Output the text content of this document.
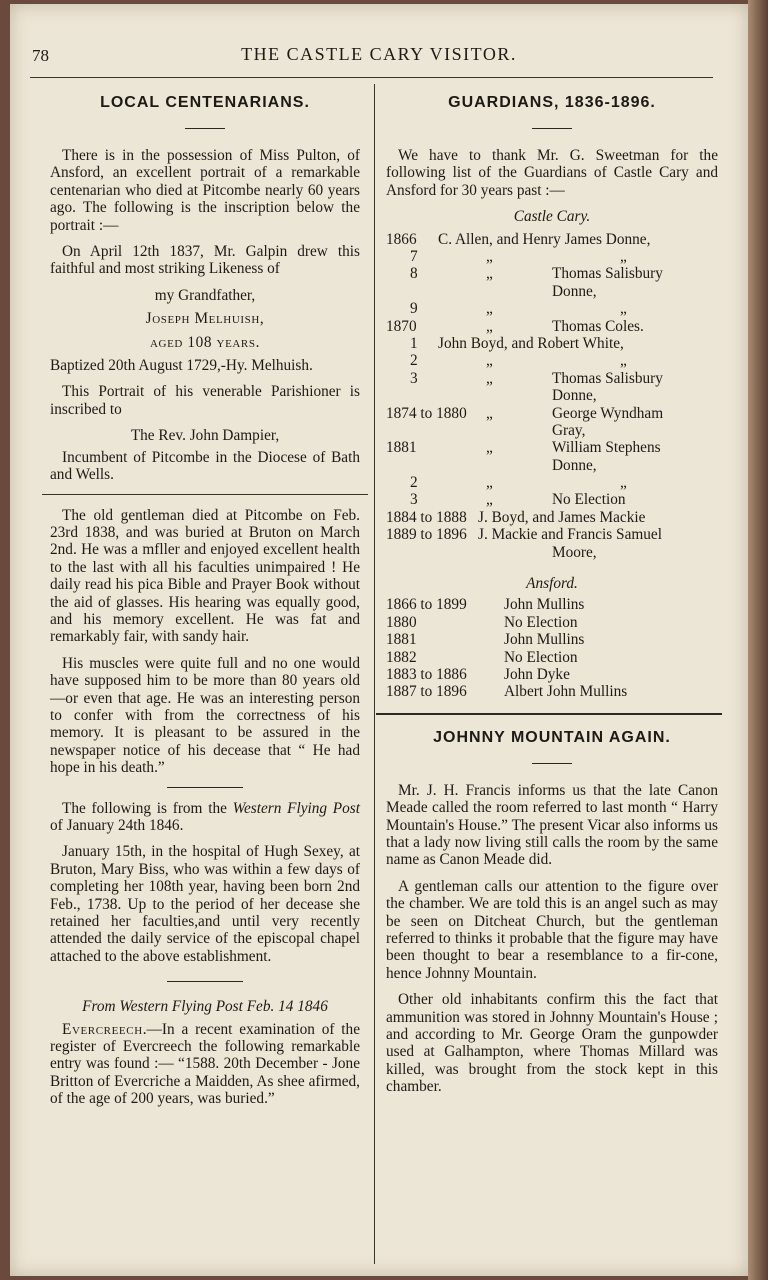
78	THE CASTLE CARY VISITOR.
LOCAL CENTENARIANS.

There is in the possession of Miss Pulton, of Ansford, an excellent portrait of a remarkable centenarian who died at Pitcombe nearly 60 years ago. The following is the inscription below the portrait :—

On April 12th 1837, Mr. Galpin drew this faithful and most striking Likeness of

my Grandfather,

Joseph Melhuish,

aged 108 years.

Baptized 20th August 1729,-Hy. Melhuish.

This Portrait of his venerable Parishioner is inscribed to

The Rev. John Dampier,

Incumbent of Pitcombe in the Diocese of Bath and Wells.

The old gentleman died at Pitcombe on Feb. 23rd 1838, and was buried at Bruton on March 2nd. He was a mfller and enjoyed excellent health to the last with all his faculties unimpaired ! He daily read his pica Bible and Prayer Book without the aid of glasses. His hearing was equally good, and his memory excellent. He was fat and remarkably fair, with sandy hair.

His muscles were quite full and no one would have supposed him to be more than 80 years old—or even that age. He was an interesting person to confer with from the correctness of his memory. It is pleasant to be assured in the newspaper notice of his decease that “ He had hope in his death.”

The following is from the Western Flying Post of January 24th 1846.

January 15th, in the hospital of Hugh Sexey, at Bruton, Mary Biss, who was within a few days of completing her 108th year, having been born 2nd Feb., 1738. Up to the period of her decease she retained her faculties,and until very recently attended the daily service of the episcopal chapel attached to the above establishment.

From Western Flying Post Feb. 14 1846

Evercreech.—In a recent examination of the register of Evercreech the following remarkable entry was found :— “1588. 20th December - Jone Britton of Evercriche a Maidden, As shee afirmed, of the age of 200 years, was buried.”

GUARDIANS, 1836-1896.

We have to thank Mr. G. Sweetman for the following list of the Guardians of Castle Cary and Ansford for 30 years past :—

Castle Cary.

1866 C. Allen, and Henry James Donne,
7	„	„
8	„	Thomas Salisbury
Donne,
9	„	„
1870	„	Thomas Coles.
1 John Boyd, and Robert White,
2	„	„
3	„	Thomas Salisbury
Donne,
1874 to 1880 „	George Wyndham
Gray,
1881	„	William Stephens
Donne,
2	„	„
3	„	No Election
1884 to 1888 J. Boyd, and James Mackie
1889 to 1896 J. Mackie and Francis Samuel
Moore,

Ansford.

1866 to 1899 John Mullins
1880	No Election
1881	John Mullins
1882	No Election
1883 to 1886 John Dyke
1887 to 1896 Albert John Mullins
JOHNNY MOUNTAIN AGAIN.

Mr. J. H. Francis informs us that the late Canon Meade called the room referred to last month “ Harry Mountain's House.” The present Vicar also informs us that a lady now living still calls the room by the same name as Canon Meade did.

A gentleman calls our attention to the figure over the chamber. We are told this is an angel such as may be seen on Ditcheat Church, but the gentleman referred to thinks it probable that the figure may have been thought to bear a resemblance to a fir-cone, hence Johnny Mountain.

Other old inhabitants confirm this the fact that ammunition was stored in Johnny Mountain's House ; and according to Mr. George Oram the gunpowder used at Galhampton, where Thomas Millard was killed, was brought from the stock kept in this chamber.
